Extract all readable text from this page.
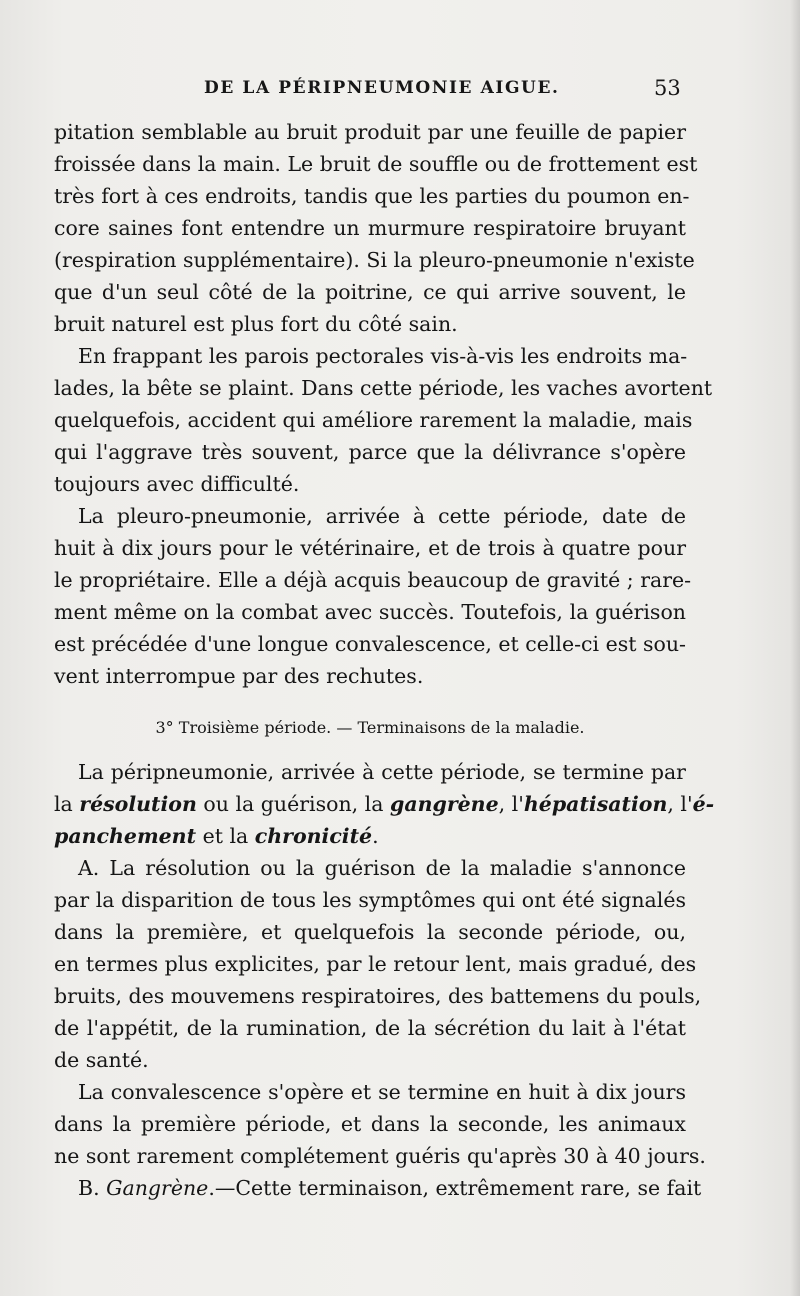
DE LA PÉRIPNEUMONIE AIGUE.	53
pitation semblable au bruit produit par une feuille de papier
froissée dans la main. Le bruit de souffle ou de frottement est
très fort à ces endroits, tandis que les parties du poumon en-
core saines font entendre un murmure respiratoire bruyant
(respiration supplémentaire). Si la pleuro-pneumonie n'existe
que d'un seul côté de la poitrine, ce qui arrive souvent, le
bruit naturel est plus fort du côté sain.
En frappant les parois pectorales vis-à-vis les endroits ma-
lades, la bête se plaint. Dans cette période, les vaches avortent
quelquefois, accident qui améliore rarement la maladie, mais
qui l'aggrave très souvent, parce que la délivrance s'opère
toujours avec difficulté.
La pleuro-pneumonie, arrivée à cette période, date de
huit à dix jours pour le vétérinaire, et de trois à quatre pour
le propriétaire. Elle a déjà acquis beaucoup de gravité ; rare-
ment même on la combat avec succès. Toutefois, la guérison
est précédée d'une longue convalescence, et celle-ci est sou-
vent interrompue par des rechutes.
3° Troisième période. — Terminaisons de la maladie.
La péripneumonie, arrivée à cette période, se termine par
la résolution ou la guérison, la gangrène, l'hépatisation, l'é-
panchement et la chronicité.
A. La résolution ou la guérison de la maladie s'annonce
par la disparition de tous les symptômes qui ont été signalés
dans la première, et quelquefois la seconde période, ou,
en termes plus explicites, par le retour lent, mais gradué, des
bruits, des mouvemens respiratoires, des battemens du pouls,
de l'appétit, de la rumination, de la sécrétion du lait à l'état
de santé.
La convalescence s'opère et se termine en huit à dix jours
dans la première période, et dans la seconde, les animaux
ne sont rarement complétement guéris qu'après 30 à 40 jours.
B. Gangrène.—Cette terminaison, extrêmement rare, se fait
